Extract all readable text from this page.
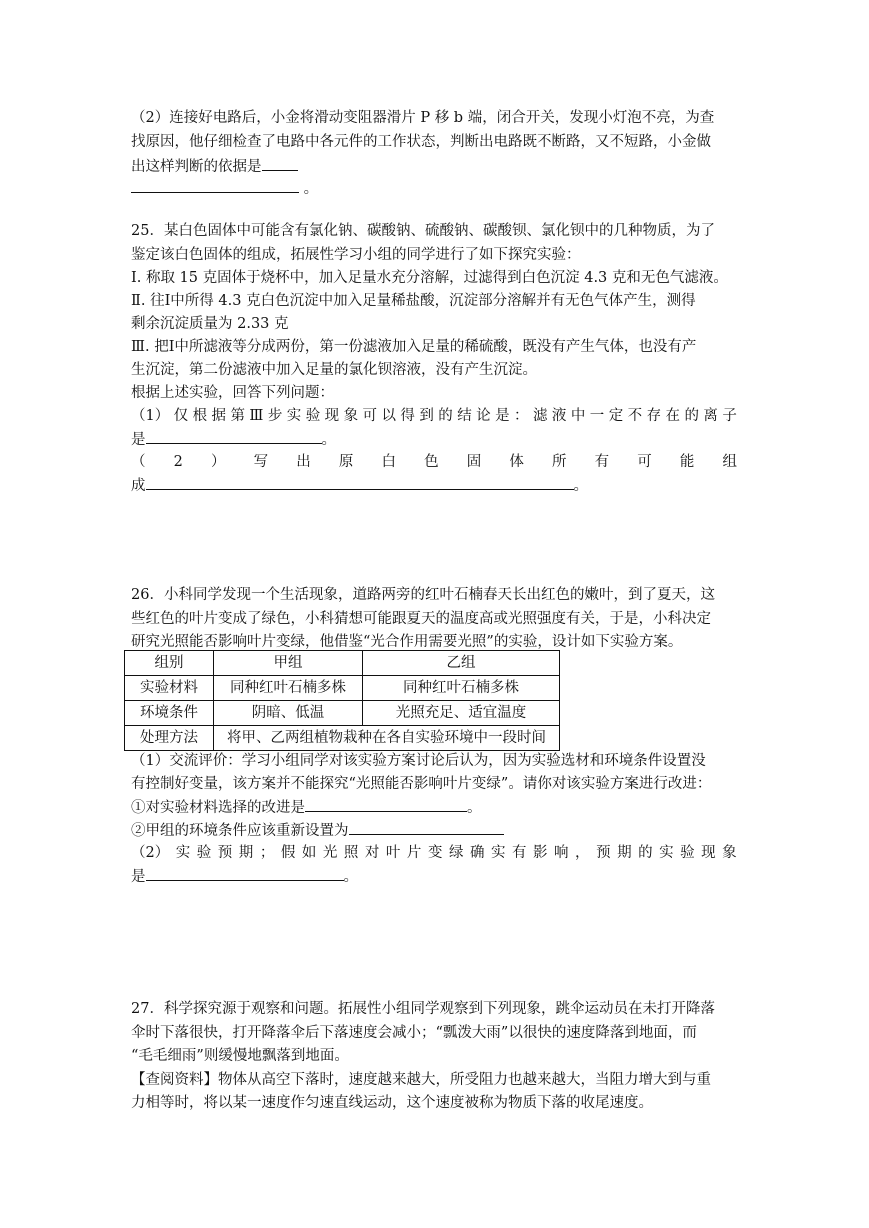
（2）连接好电路后，小金将滑动变阻器滑片 P 移 b 端，闭合开关，发现小灯泡不亮，为查
找原因，他仔细检查了电路中各元件的工作状态，判断出电路既不断路，又不短路，小金做
出这样判断的依据是
。
25．某白色固体中可能含有氯化钠、碳酸钠、硫酸钠、碳酸钡、氯化钡中的几种物质，为了
鉴定该白色固体的组成，拓展性学习小组的同学进行了如下探究实验：
Ⅰ. 称取 15 克固体于烧杯中，加入足量水充分溶解，过滤得到白色沉淀 4.3 克和无色气滤液。
Ⅱ. 往Ⅰ中所得 4.3 克白色沉淀中加入足量稀盐酸，沉淀部分溶解并有无色气体产生，测得
剩余沉淀质量为 2.33 克
Ⅲ. 把Ⅰ中所滤液等分成两份，第一份滤液加入足量的稀硫酸，既没有产生气体，也没有产
生沉淀，第二份滤液中加入足量的氯化钡溶液，没有产生沉淀。
根据上述实验，回答下列问题：
（1） 仅 根 据 第 Ⅲ 步 实 验 现 象 可 以 得 到 的 结 论 是 ： 滤 液 中 一 定 不 存 在 的 离 子
是	。
（ 2 ） 写 出 原 白 色 固 体 所 有 可 能 组
成	。
26．小科同学发现一个生活现象，道路两旁的红叶石楠春天长出红色的嫩叶，到了夏天，这
些红色的叶片变成了绿色，小科猜想可能跟夏天的温度高或光照强度有关，于是，小科决定
研究光照能否影响叶片变绿，他借鉴“光合作用需要光照”的实验，设计如下实验方案。
组别	甲组	乙组
实验材料	同种红叶石楠多株	同种红叶石楠多株
环境条件	阴暗、低温	光照充足、适宜温度
处理方法	将甲、乙两组植物栽种在各自实验环境中一段时间	
（1）交流评价：学习小组同学对该实验方案讨论后认为，因为实验选材和环境条件设置没
有控制好变量，该方案并不能探究“光照能否影响叶片变绿”。请你对该实验方案进行改进：
①对实验材料选择的改进是	。
②甲组的环境条件应该重新设置为
（2） 实 验 预 期 ； 假 如 光 照 对 叶 片 变 绿 确 实 有 影 响 ， 预 期 的 实 验 现 象
是	。
27．科学探究源于观察和问题。拓展性小组同学观察到下列现象，跳伞运动员在未打开降落
伞时下落很快，打开降落伞后下落速度会减小；“瓢泼大雨”以很快的速度降落到地面，而
“毛毛细雨”则缓慢地飘落到地面。
【查阅资料】物体从高空下落时，速度越来越大，所受阻力也越来越大，当阻力增大到与重
力相等时，将以某一速度作匀速直线运动，这个速度被称为物质下落的收尾速度。
